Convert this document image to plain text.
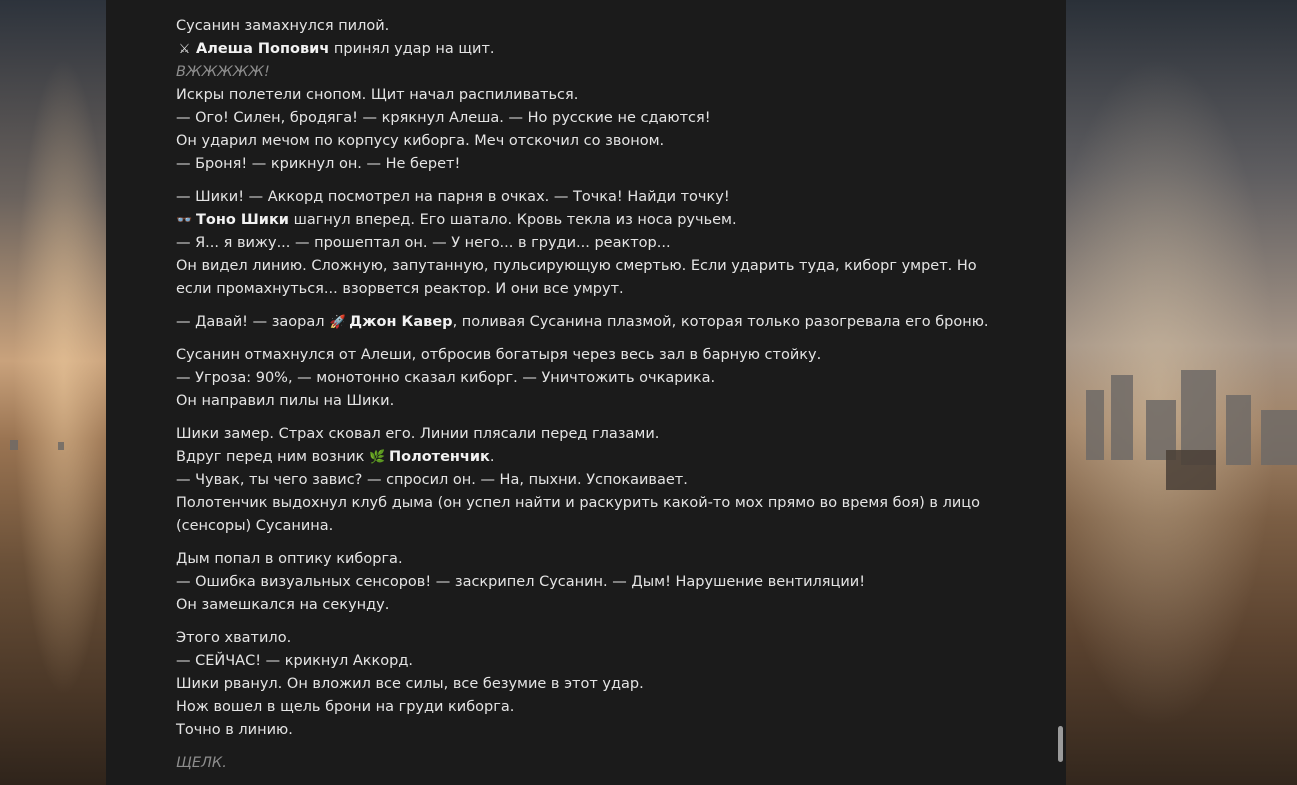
Сусанин замахнулся пилой.
⚔ Алеша Попович принял удар на щит.
ВЖЖЖЖЖ!
Искры полетели снопом. Щит начал распиливаться.
— Ого! Силен, бродяга! — крякнул Алеша. — Но русские не сдаются!
Он ударил мечом по корпусу киборга. Меч отскочил со звоном.
— Броня! — крикнул он. — Не берет!
— Шики! — Аккорд посмотрел на парня в очках. — Точка! Найди точку!
👓 Тоно Шики шагнул вперед. Его шатало. Кровь текла из носа ручьем.
— Я... я вижу... — прошептал он. — У него... в груди... реактор...
Он видел линию. Сложную, запутанную, пульсирующую смертью. Если ударить туда, киборг умрет. Но если промахнуться... взорвется реактор. И они все умрут.
— Давай! — заорал 🚀 Джон Кавер, поливая Сусанина плазмой, которая только разогревала его броню.
Сусанин отмахнулся от Алеши, отбросив богатыря через весь зал в барную стойку.
— Угроза: 90%, — монотонно сказал киборг. — Уничтожить очкарика.
Он направил пилы на Шики.
Шики замер. Страх сковал его. Линии плясали перед глазами.
Вдруг перед ним возник 🌿 Полотенчик.
— Чувак, ты чего завис? — спросил он. — На, пыхни. Успокаивает.
Полотенчик выдохнул клуб дыма (он успел найти и раскурить какой-то мох прямо во время боя) в лицо (сенсоры) Сусанина.
Дым попал в оптику киборга.
— Ошибка визуальных сенсоров! — заскрипел Сусанин. — Дым! Нарушение вентиляции!
Он замешкался на секунду.
Этого хватило.
— СЕЙЧАС! — крикнул Аккорд.
Шики рванул. Он вложил все силы, все безумие в этот удар.
Нож вошел в щель брони на груди киборга.
Точно в линию.
ЩЕЛК.
